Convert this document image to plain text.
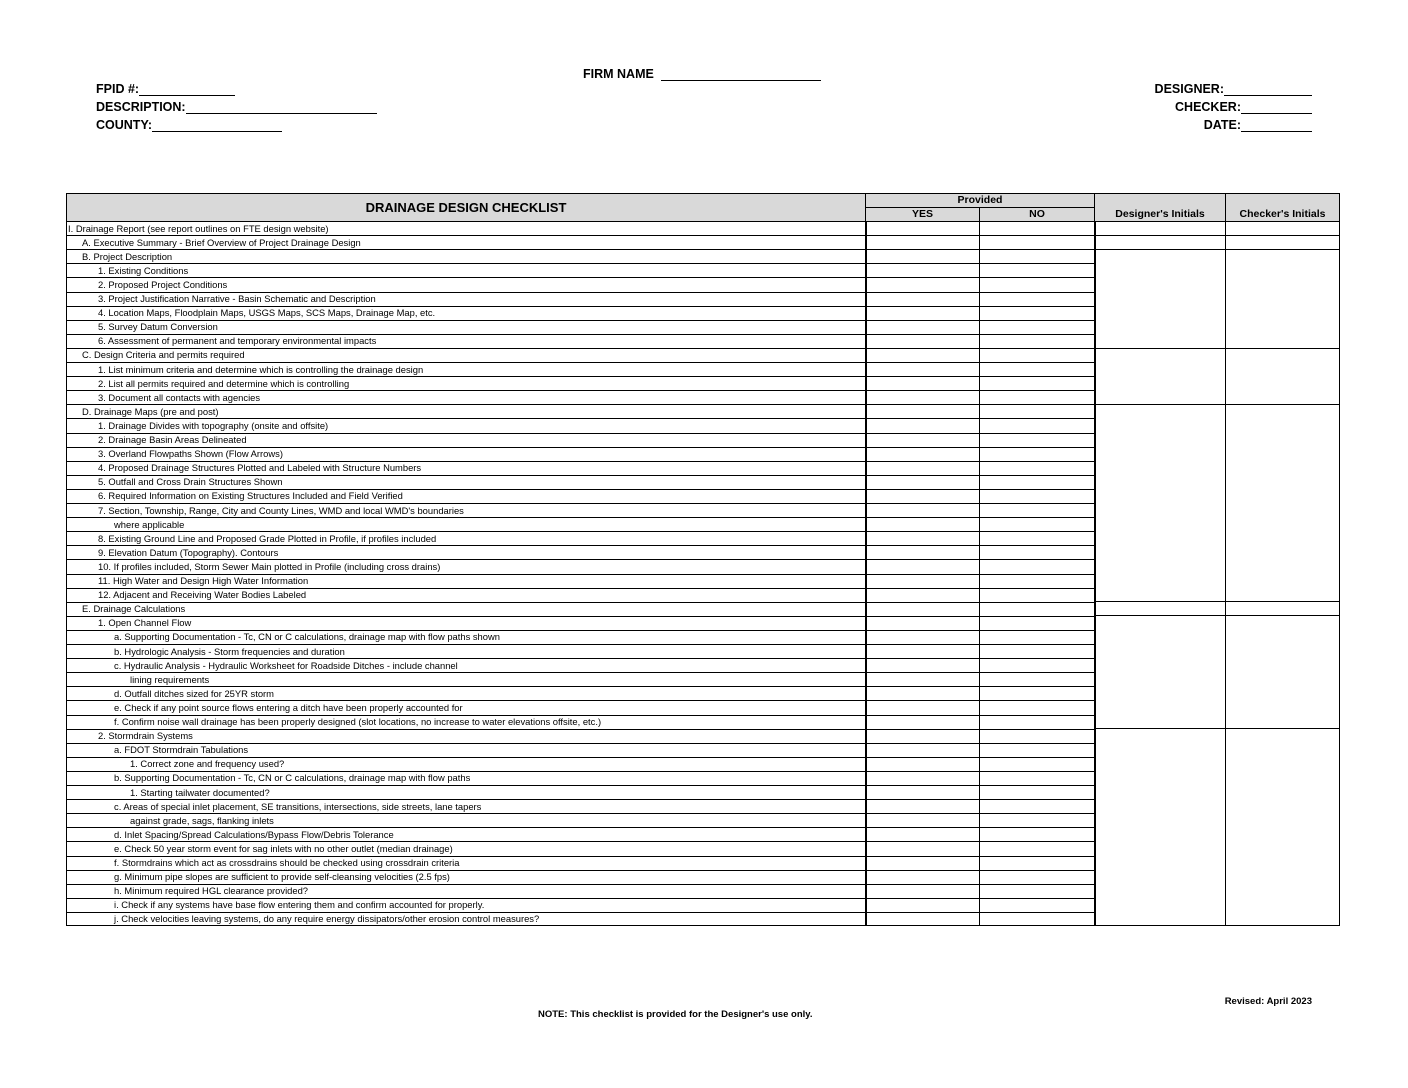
FIRM NAME
FPID #:
DESCRIPTION:
COUNTY:
DESIGNER:
CHECKER:
DATE:
DRAINAGE DESIGN CHECKLIST	Provided
YES	NO	Designer's Initials	Checker's Initials
I. Drainage Report (see report outlines on FTE design website)
A. Executive Summary - Brief Overview of Project Drainage Design
B. Project Description
1. Existing Conditions
2. Proposed Project Conditions
3. Project Justification Narrative - Basin Schematic and Description
4. Location Maps, Floodplain Maps, USGS Maps, SCS Maps, Drainage Map, etc.
5. Survey Datum Conversion
6. Assessment of permanent and temporary environmental impacts
C. Design Criteria and permits required
1. List minimum criteria and determine which is controlling the drainage design
2. List all permits required and determine which is controlling
3. Document all contacts with agencies
D. Drainage Maps (pre and post)
1. Drainage Divides with topography (onsite and offsite)
2. Drainage Basin Areas Delineated
3. Overland Flowpaths Shown (Flow Arrows)
4. Proposed Drainage Structures Plotted and Labeled with Structure Numbers
5. Outfall and Cross Drain Structures Shown
6. Required Information on Existing Structures Included and Field Verified
7. Section, Township, Range, City and County Lines, WMD and local WMD's boundaries
where applicable
8. Existing Ground Line and Proposed Grade Plotted in Profile, if profiles included
9. Elevation Datum (Topography). Contours
10. If profiles included, Storm Sewer Main plotted in Profile (including cross drains)
11. High Water and Design High Water Information
12. Adjacent and Receiving Water Bodies Labeled
E. Drainage Calculations
1. Open Channel Flow
a. Supporting Documentation - Tc, CN or C calculations, drainage map with flow paths shown
b. Hydrologic Analysis - Storm frequencies and duration
c. Hydraulic Analysis - Hydraulic Worksheet for Roadside Ditches - include channel
lining requirements
d. Outfall ditches sized for 25YR storm
e. Check if any point source flows entering a ditch have been properly accounted for
f. Confirm noise wall drainage has been properly designed (slot locations, no increase to water elevations offsite, etc.)
2. Stormdrain Systems
a. FDOT Stormdrain Tabulations
1. Correct zone and frequency used?
b. Supporting Documentation - Tc, CN or C calculations, drainage map with flow paths
1. Starting tailwater documented?
c. Areas of special inlet placement, SE transitions, intersections, side streets, lane tapers
against grade, sags, flanking inlets
d. Inlet Spacing/Spread Calculations/Bypass Flow/Debris Tolerance
e. Check 50 year storm event for sag inlets with no other outlet (median drainage)
f. Stormdrains which act as crossdrains should be checked using crossdrain criteria
g. Minimum pipe slopes are sufficient to provide self-cleansing velocities (2.5 fps)
h. Minimum required HGL clearance provided?
i. Check if any systems have base flow entering them and confirm accounted for properly.
j. Check velocities leaving systems, do any require energy dissipators/other erosion control measures?
NOTE: This checklist is provided for the Designer's use only.
Revised: April 2023
